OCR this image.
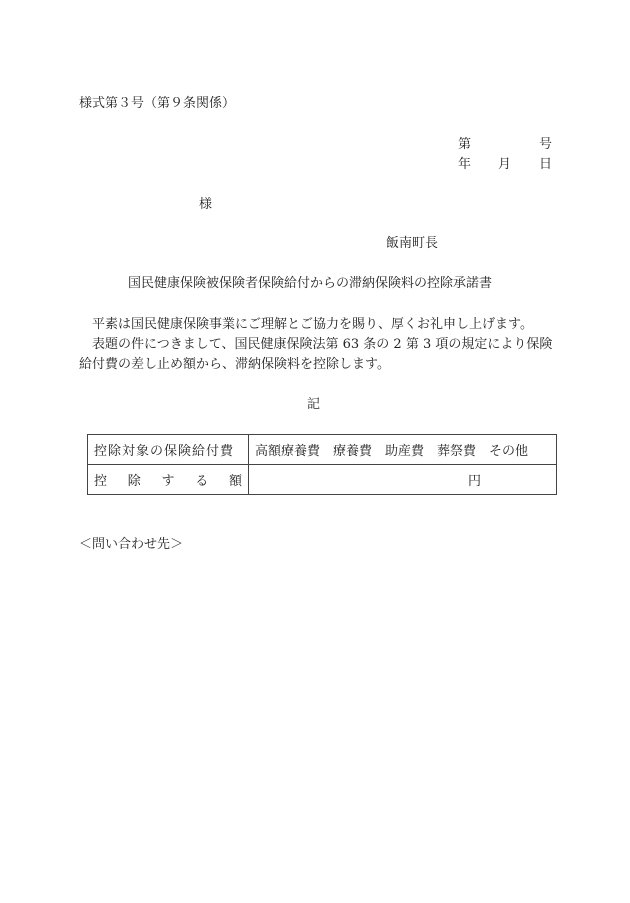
様式第３号（第９条関係）
第	号
年 月 日
様
飯南町長
国民健康保険被保険者保険給付からの滞納保険料の控除承諾書
平素は国民健康保険事業にご理解とご協力を賜り、厚くお礼申し上げます。
表題の件につきまして、国民健康保険法第 63 条の 2 第 3 項の規定により保険
給付費の差し止め額から、滞納保険料を控除します。
記
控除対象の保険給付費	高額療養費　療養費　助産費　葬祭費　その他

控 除 す る 額	円
＜問い合わせ先＞
